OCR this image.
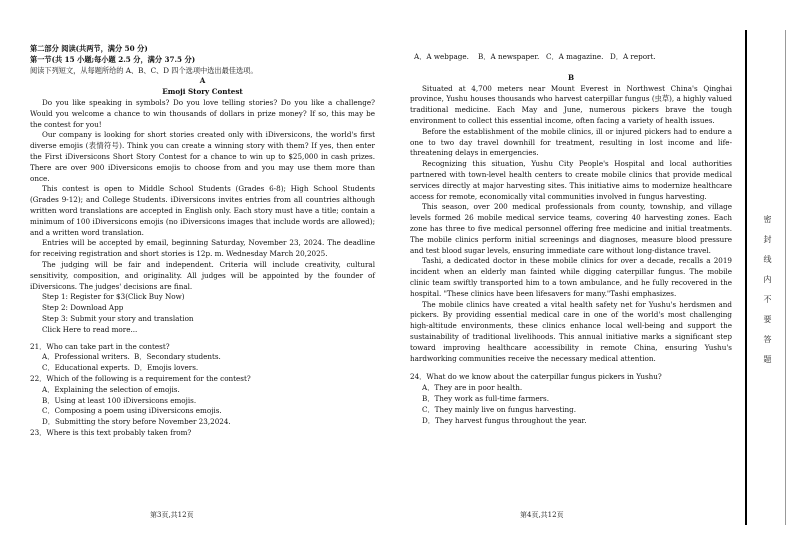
第二部分 阅读(共两节，满分 50 分)

第一节(共 15 小题;每小题 2.5 分，满分 37.5 分)

阅读下列短文，从每题所给的 A、B、C、D 四个选项中选出最佳选项。

A

Emoji Story Contest

Do you like speaking in symbols? Do you love telling stories? Do you like a challenge? Would you welcome a chance to win thousands of dollars in prize money? If so, this may be the contest for you!

Our company is looking for short stories created only with iDiversicons, the world's first diverse emojis (表情符号). Think you can create a winning story with them? If yes, then enter the First iDiversicons Short Story Contest for a chance to win up to $25,000 in cash prizes. There are over 900 iDiversicons emojis to choose from and you may use them more than once.

This contest is open to Middle School Students (Grades 6-8); High School Students (Grades 9-12); and College Students. iDiversicons invites entries from all countries although written word translations are accepted in English only. Each story must have a title; contain a minimum of 100 iDiversicons emojis (no iDiversicons images that include words are allowed); and a written word translation.

Entries will be accepted by email, beginning Saturday, November 23, 2024. The deadline for receiving registration and short stories is 12p. m. Wednesday March 20,2025.

The judging will be fair and independent. Criteria will include creativity, cultural sensitivity, composition, and originality. All judges will be appointed by the founder of iDiversicons. The judges' decisions are final.

Step 1: Register for $3(Click Buy Now)

Step 2: Download App

Step 3: Submit your story and translation

Click Here to read more...

21．Who can take part in the contest?

A．Professional writers. B．Secondary students.
C．Educational experts. D．Emojis lovers.

22．Which of the following is a requirement for the contest?

A．Explaining the selection of emojis.

B．Using at least 100 iDiversicons emojis.

C．Composing a poem using iDiversicons emojis.

D．Submitting the story before November 23,2024.

23．Where is this text probably taken from?

第3页,共12页
A．A webpage.	B．A newspaper. C．A magazine. D．A report.

B

Situated at 4,700 meters near Mount Everest in Northwest China's Qinghai province, Yushu houses thousands who harvest caterpillar fungus (虫草), a highly valued traditional medicine. Each May and June, numerous pickers brave the tough environment to collect this essential income, often facing a variety of health issues.

Before the establishment of the mobile clinics, ill or injured pickers had to endure a one to two day travel downhill for treatment, resulting in lost income and life-threatening delays in emergencies.

Recognizing this situation, Yushu City People's Hospital and local authorities partnered with town-level health centers to create mobile clinics that provide medical services directly at major harvesting sites. This initiative aims to modernize healthcare access for remote, economically vital communities involved in fungus harvesting.

This season, over 200 medical professionals from county, township, and village levels formed 26 mobile medical service teams, covering 40 harvesting zones. Each zone has three to five medical personnel offering free medicine and initial treatments. The mobile clinics perform initial screenings and diagnoses, measure blood pressure and test blood sugar levels, ensuring immediate care without long-distance travel.

Tashi, a dedicated doctor in these mobile clinics for over a decade, recalls a 2019 incident when an elderly man fainted while digging caterpillar fungus. The mobile clinic team swiftly transported him to a town ambulance, and he fully recovered in the hospital. "These clinics have been lifesavers for many."Tashi emphasizes.

The mobile clinics have created a vital health safety net for Yushu's herdsmen and pickers. By providing essential medical care in one of the world's most challenging high-altitude environments, these clinics enhance local well-being and support the sustainability of traditional livelihoods. This annual initiative marks a significant step toward improving healthcare accessibility in remote China, ensuring Yushu's hardworking communities receive the necessary medical attention.

24．What do we know about the caterpillar fungus pickers in Yushu?

A．They are in poor health.

B．They work as full-time farmers.

C．They mainly live on fungus harvesting.

D．They harvest fungus throughout the year.

第4页,共12页
密封线内不要答题
